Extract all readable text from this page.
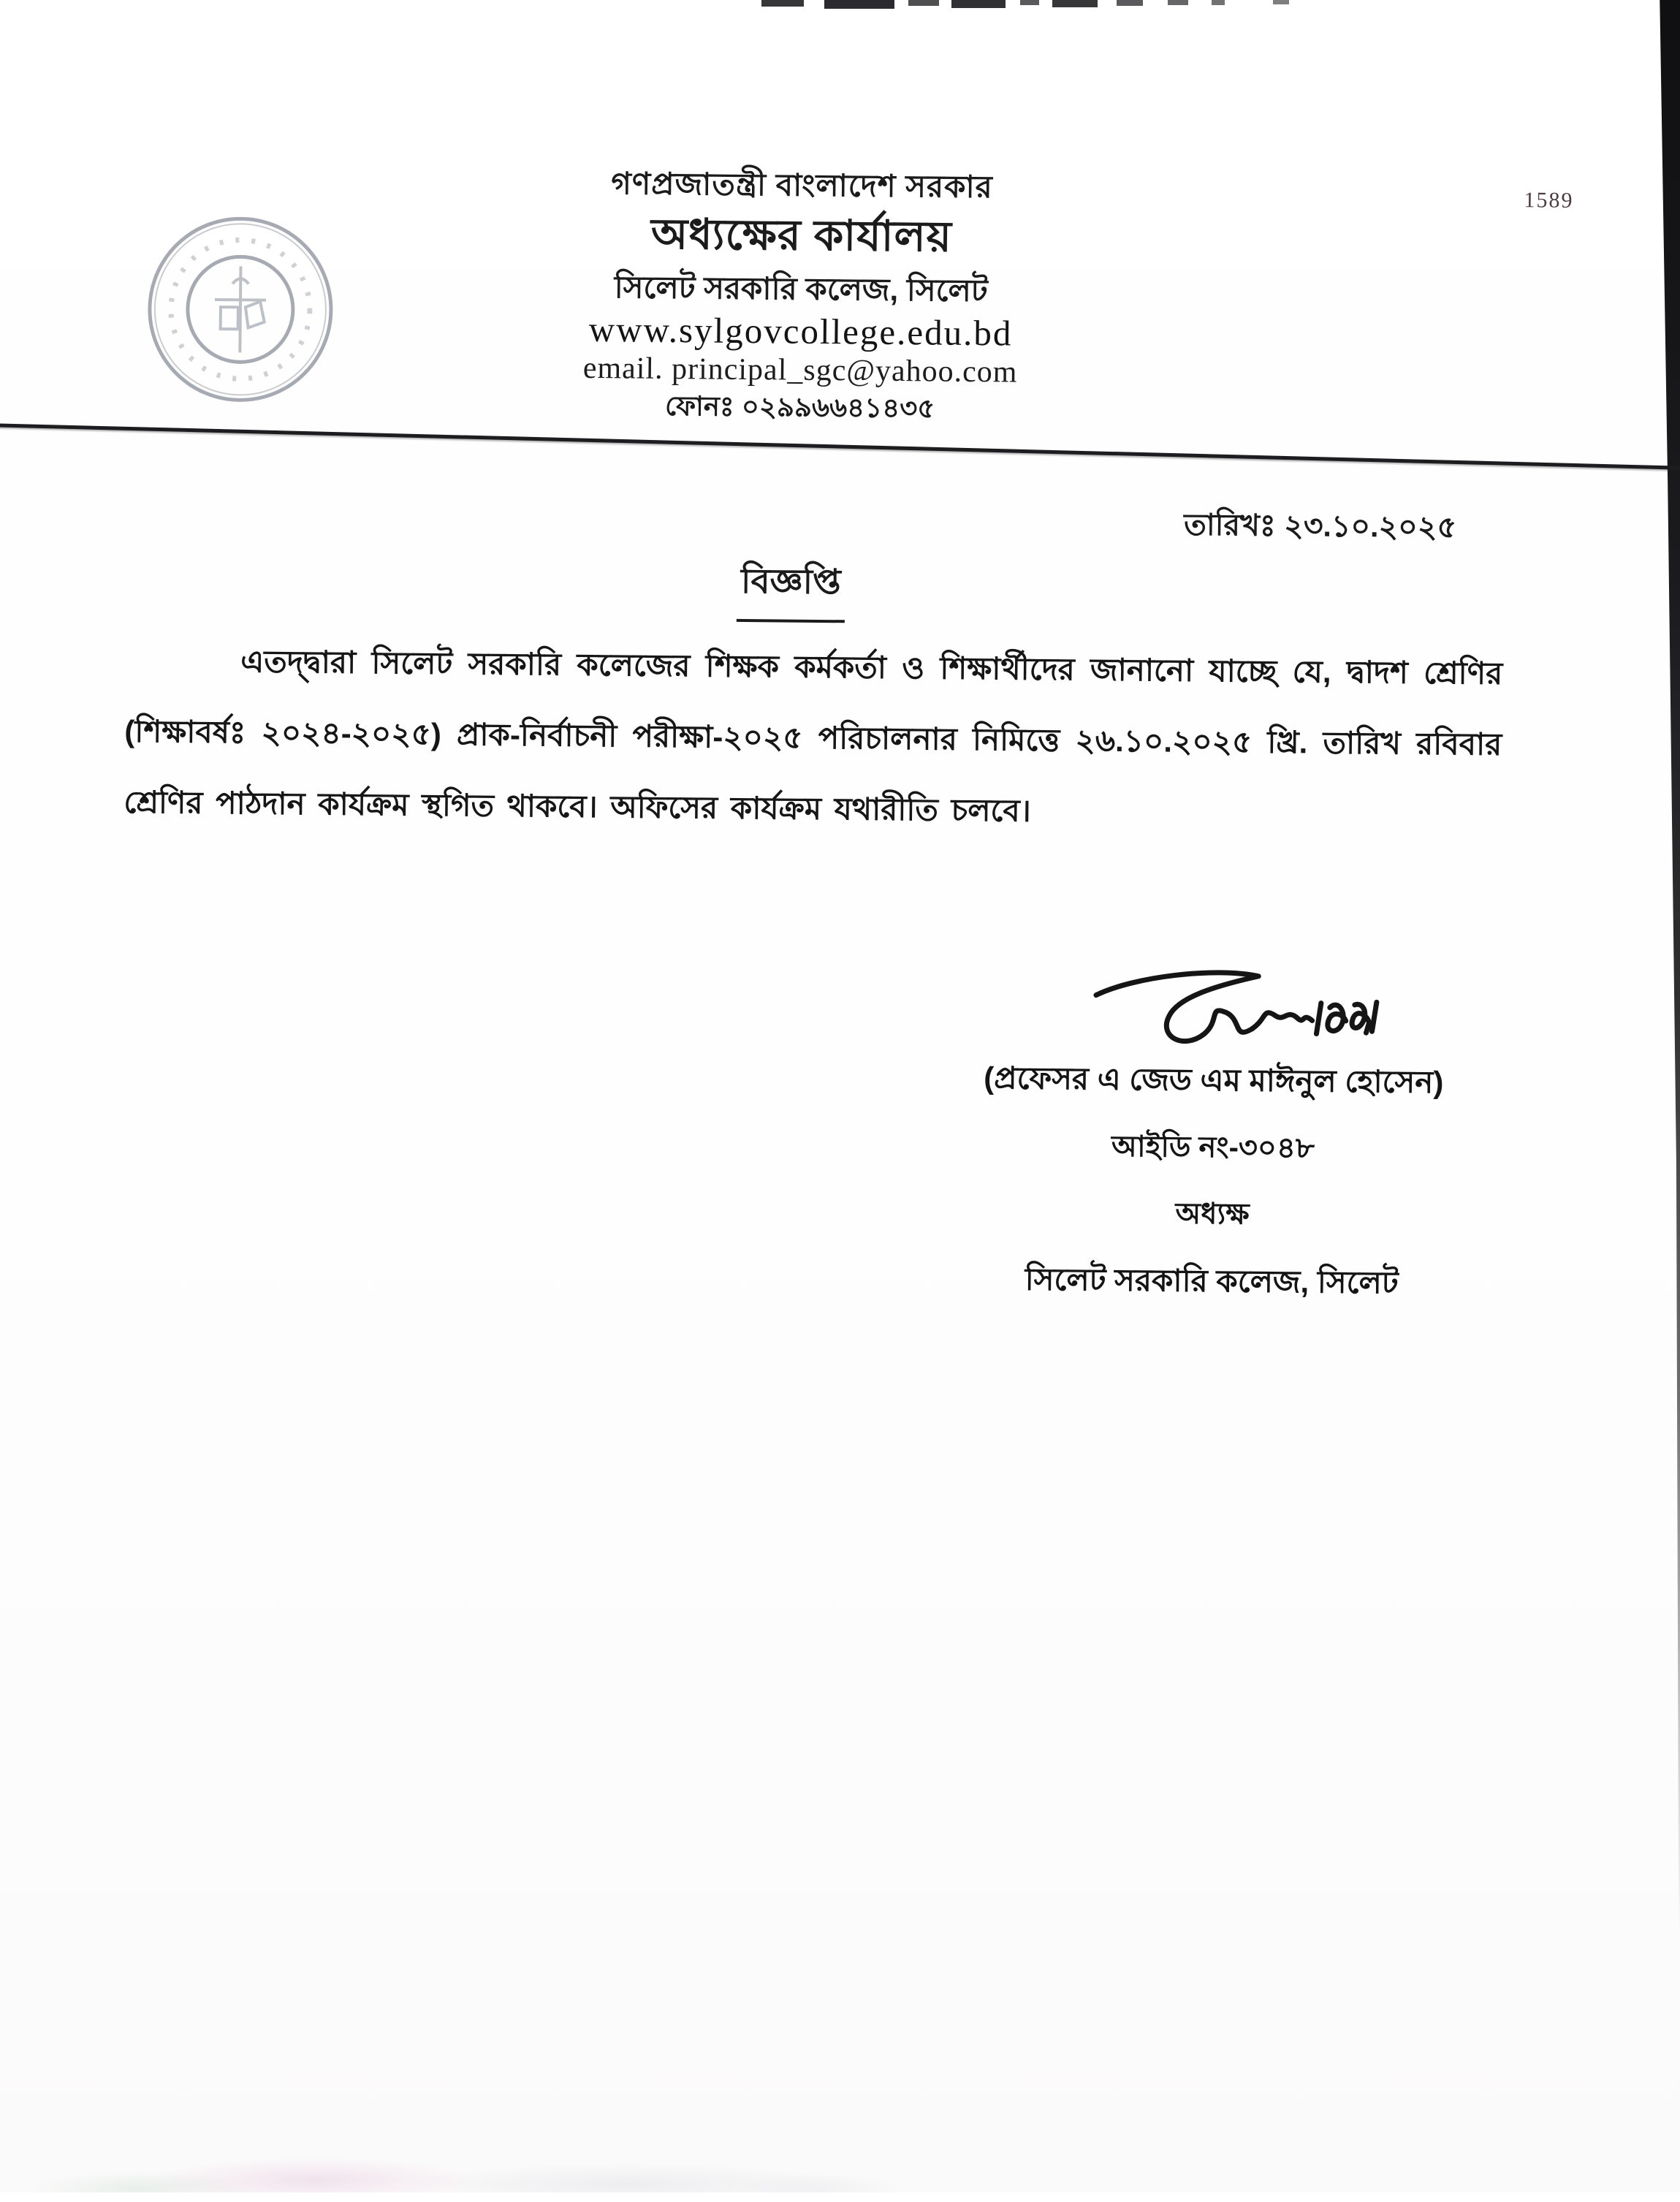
1589
গণপ্রজাতন্ত্রী বাংলাদেশ সরকার
অধ্যক্ষের কার্যালয়
সিলেট সরকারি কলেজ, সিলেট
www.sylgovcollege.edu.bd
email. principal_sgc@yahoo.com
ফোনঃ ০২৯৯৬৬৪১৪৩৫
তারিখঃ ২৩.১০.২০২৫
বিজ্ঞপ্তি
এতদ্দ্বারা সিলেট সরকারি কলেজের শিক্ষক কর্মকর্তা ও শিক্ষার্থীদের জানানো যাচ্ছে যে, দ্বাদশ শ্রেণির (শিক্ষাবর্ষঃ ২০২৪-২০২৫) প্রাক-নির্বাচনী পরীক্ষা-২০২৫ পরিচালনার নিমিত্তে ২৬.১০.২০২৫ খ্রি. তারিখ রবিবার শ্রেণির পাঠদান কার্যক্রম স্থগিত থাকবে। অফিসের কার্যক্রম যথারীতি চলবে।
(প্রফেসর এ জেড এম মাঈনুল হোসেন)
আইডি নং-৩০৪৮
অধ্যক্ষ
সিলেট সরকারি কলেজ, সিলেট
